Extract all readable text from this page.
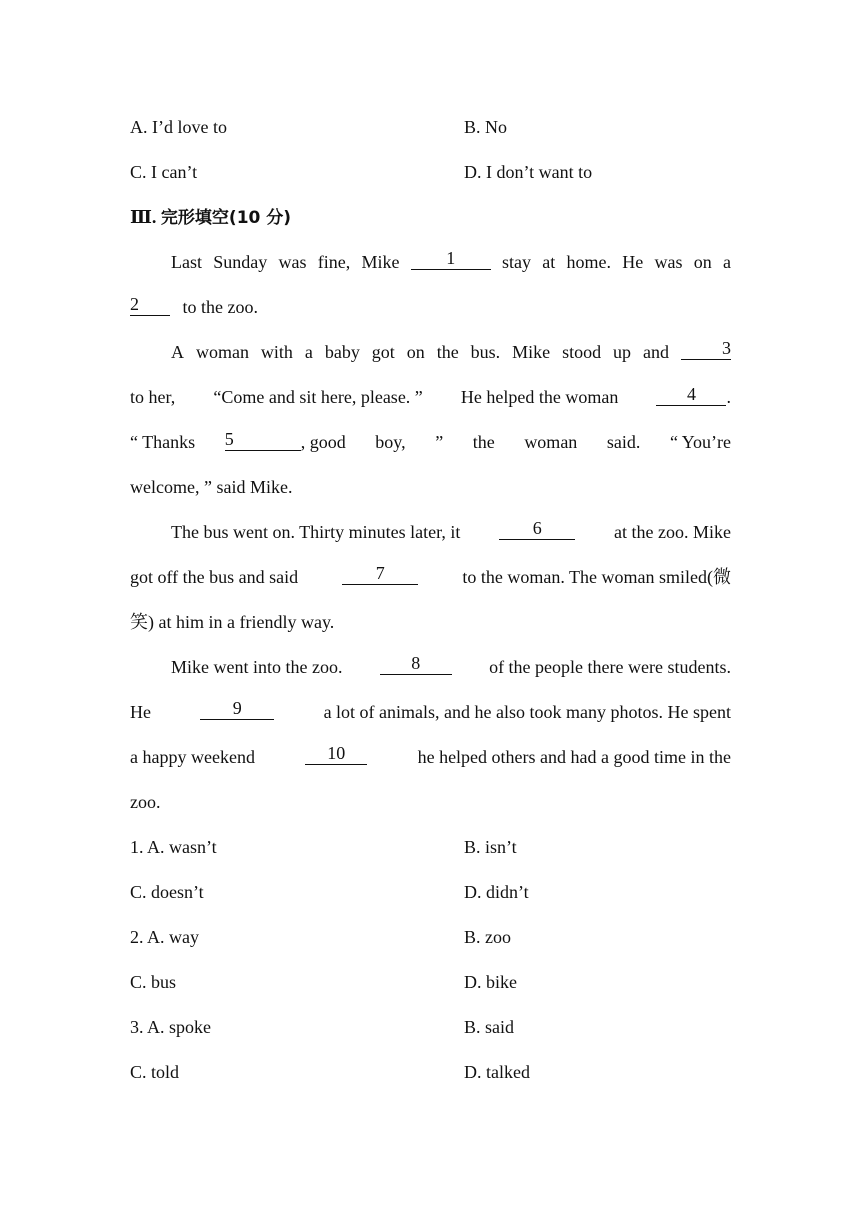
A. I’d love to	B. No
C. I can’t	D. I don’t want to
Ⅲ. 完形填空(10 分)
Last Sunday was fine, Mike	1	stay at home. He was on a
2 to the zoo.
A woman with a baby got on the bus. Mike stood up and	3
to her, “Come and sit here, please. ” He helped the woman	4 .
“ Thanks 5	, good boy, ” the woman said. “ You’re
welcome, ” said Mike.
The bus went on. Thirty minutes later, it	6	at the zoo. Mike
got off the bus and said	7	to the woman. The woman smiled(微
笑) at him in a friendly way.
Mike went into the zoo.	8	of the people there were students.
He	9	a lot of animals, and he also took many photos. He spent
a happy weekend	10	he helped others and had a good time in the
zoo.
1. A. wasn’t	B. isn’t
C. doesn’t	D. didn’t
2. A. way	B. zoo
C. bus	D. bike
3. A. spoke	B. said
C. told	D. talked
